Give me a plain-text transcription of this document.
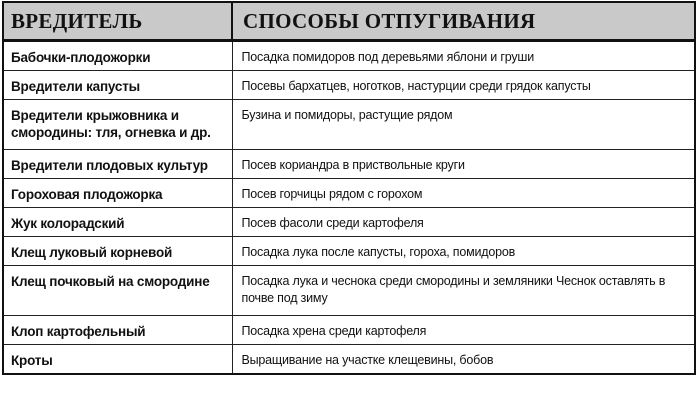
ВРЕДИТЕЛЬ	СПОСОБЫ ОТПУГИВАНИЯ
Бабочки-плодожорки	Посадка помидоров под деревьями яблони и груши
Вредители капусты	Посевы бархатцев, ноготков, настурции среди грядок капусты
Вредители крыжовника и смородины: тля, огневка и др.	Бузина и помидоры, растущие рядом
Вредители плодовых культур	Посев кориандра в приствольные круги
Гороховая плодожорка	Посев горчицы рядом с горохом
Жук колорадский	Посев фасоли среди картофеля
Клещ луковый корневой	Посадка лука после капусты, гороха, помидоров
Клещ почковый на смородине	Посадка лука и чеснока среди смородины и земляники Чеснок оставлять в почве под зиму
Клоп картофельный	Посадка хрена среди картофеля
Кроты	Выращивание на участке клещевины, бобов
